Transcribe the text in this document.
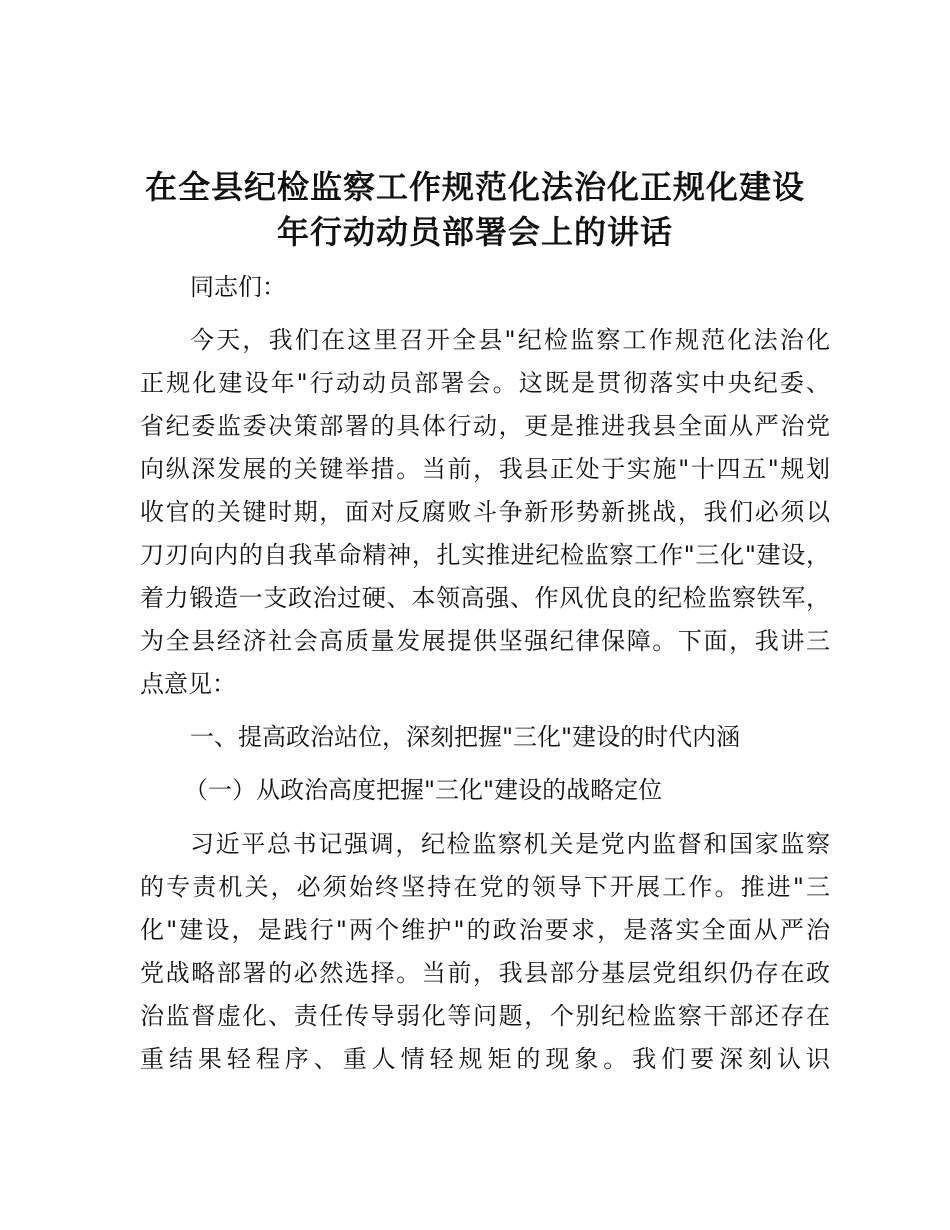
在全县纪检监察工作规范化法治化正规化建设
年行动动员部署会上的讲话
同志们：
今天，我们在这里召开全县"纪检监察工作规范化法治化
正规化建设年"行动动员部署会。这既是贯彻落实中央纪委、
省纪委监委决策部署的具体行动，更是推进我县全面从严治党
向纵深发展的关键举措。当前，我县正处于实施"十四五"规划
收官的关键时期，面对反腐败斗争新形势新挑战，我们必须以
刀刃向内的自我革命精神，扎实推进纪检监察工作"三化"建设，
着力锻造一支政治过硬、本领高强、作风优良的纪检监察铁军，
为全县经济社会高质量发展提供坚强纪律保障。下面，我讲三
点意见：
一、提高政治站位，深刻把握"三化"建设的时代内涵
（一）从政治高度把握"三化"建设的战略定位
习近平总书记强调，纪检监察机关是党内监督和国家监察
的专责机关，必须始终坚持在党的领导下开展工作。推进"三
化"建设，是践行"两个维护"的政治要求，是落实全面从严治
党战略部署的必然选择。当前，我县部分基层党组织仍存在政
治监督虚化、责任传导弱化等问题，个别纪检监察干部还存在
重结果轻程序、重人情轻规矩的现象。我们要深刻认识
